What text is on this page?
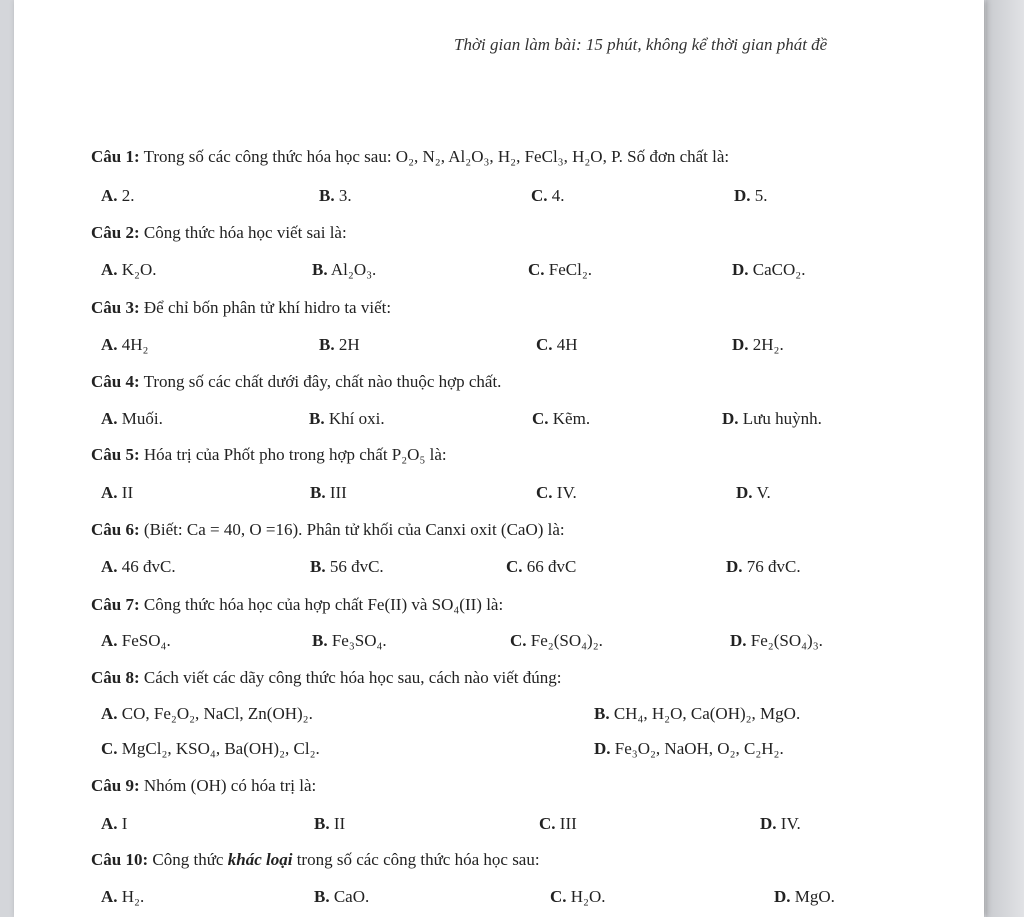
Thời gian làm bài: 15 phút, không kể thời gian phát đề
Câu 1: Trong số các công thức hóa học sau: O₂, N₂, Al₂O₃, H₂, FeCl₃, H₂O, P. Số đơn chất là:
A. 2.	B. 3.	C. 4.	D. 5.
Câu 2: Công thức hóa học viết sai là:
A. K₂O.	B. Al₂O₃.	C. FeCl₂.	D. CaCO₂.
Câu 3: Để chỉ bốn phân tử khí hidro ta viết:
A. 4H₂	B. 2H	C. 4H	D. 2H₂.
Câu 4: Trong số các chất dưới đây, chất nào thuộc hợp chất.
A. Muối.	B. Khí oxi.	C. Kẽm.	D. Lưu huỳnh.
Câu 5: Hóa trị của Phốt pho trong hợp chất P₂O₅ là:
A. II	B. III	C. IV.	D. V.
Câu 6: (Biết: Ca = 40, O =16). Phân tử khối của Canxi oxit (CaO) là:
A. 46 đvC.	B. 56 đvC.	C. 66 đvC	D. 76 đvC.
Câu 7: Công thức hóa học của hợp chất Fe(II) và SO₄(II) là:
A. FeSO₄.	B. Fe₃SO₄.	C. Fe₂(SO₄)₂.	D. Fe₂(SO₄)₃.
Câu 8: Cách viết các dãy công thức hóa học sau, cách nào viết đúng:
A. CO, Fe₂O₂, NaCl, Zn(OH)₂.	B. CH₄, H₂O, Ca(OH)₂, MgO.
C. MgCl₂, KSO₄, Ba(OH)₂, Cl₂.	D. Fe₃O₂, NaOH, O₂, C₂H₂.
Câu 9: Nhóm (OH) có hóa trị là:
A. I	B. II	C. III	D. IV.
Câu 10: Công thức khác loại trong số các công thức hóa học sau:
A. H₂.	B. CaO.	C. H₂O.	D. MgO.
